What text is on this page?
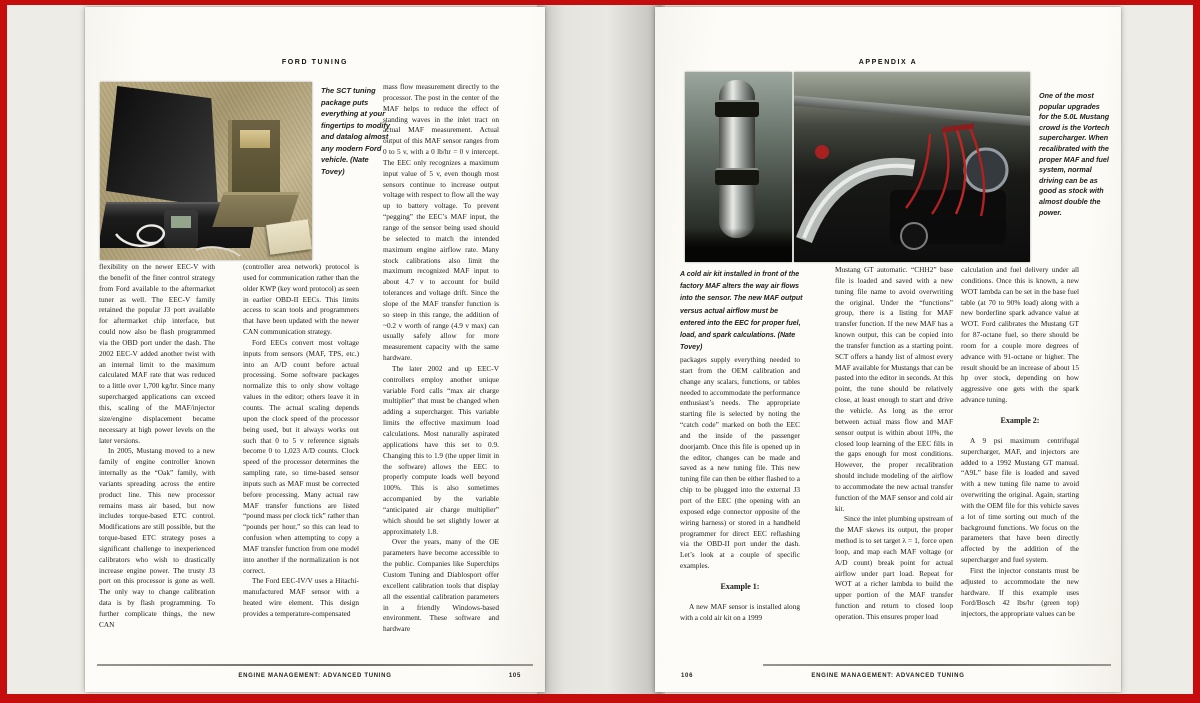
FORD TUNING
The SCT tuning package puts everything at your fingertips to modify and datalog almost any modern Ford vehicle. (Nate Tovey)

flexibility on the newer EEC-V with the benefit of the finer control strategy from Ford available to the aftermarket tuner as well. The EEC-V family retained the popular J3 port available for aftermarket chip interface, but could now also be flash programmed via the OBD port under the dash. The 2002 EEC-V added another twist with an internal limit to the maximum calculated MAF rate that was reduced to a little over 1,700 kg/hr. Since many supercharged applications can exceed this, scaling of the MAF/injector size/engine displacement became necessary at high power levels on the later versions.

In 2005, Mustang moved to a new family of engine controller known internally as the “Oak” family, with variants spreading across the entire product line. This new processor remains mass air based, but now includes torque-based ETC control. Modifications are still possible, but the torque-based ETC strategy poses a significant challenge to inexperienced calibrators who wish to drastically increase engine power. The trusty J3 port on this processor is gone as well. The only way to change calibration data is by flash programming. To further complicate things, the new CAN

(controller area network) protocol is used for communication rather than the older KWP (key word protocol) as seen in earlier OBD-II EECs. This limits access to scan tools and programmers that have been updated with the newer CAN communication strategy.

Ford EECs convert most voltage inputs from sensors (MAF, TPS, etc.) into an A/D count before actual processing. Some software packages normalize this to only show voltage values in the editor; others leave it in counts. The actual scaling depends upon the clock speed of the processor being used, but it always works out such that 0 to 5 v reference signals become 0 to 1,023 A/D counts. Clock speed of the processor determines the sampling rate, so time-based sensor inputs such as MAF must be corrected before processing. Many actual raw MAF transfer functions are listed “pound mass per clock tick” rather than “pounds per hour,” so this can lead to confusion when attempting to copy a MAF transfer function from one model into another if the normalization is not correct.

The Ford EEC-IV/V uses a Hitachi-manufactured MAF sensor with a heated wire element. This design provides a temperature-compensated

mass flow measurement directly to the processor. The post in the center of the MAF helps to reduce the effect of standing waves in the inlet tract on actual MAF measurement. Actual output of this MAF sensor ranges from 0 to 5 v, with a 0 lb/hr = 0 v intercept. The EEC only recognizes a maximum input value of 5 v, even though most sensors continue to increase output voltage with respect to flow all the way up to battery voltage. To prevent “pegging” the EEC’s MAF input, the range of the sensor being used should be selected to match the intended maximum engine airflow rate. Many stock calibrations also limit the maximum recognized MAF input to about 4.7 v to account for build tolerances and voltage drift. Since the slope of the MAF transfer function is so steep in this range, the addition of ~0.2 v worth of range (4.9 v max) can usually safely allow for more measurement capacity with the same hardware.

The later 2002 and up EEC-V controllers employ another unique variable Ford calls “max air charge multiplier” that must be changed when adding a supercharger. This variable limits the effective maximum load calculations. Most naturally aspirated applications have this set to 0.9. Changing this to 1.9 (the upper limit in the software) allows the EEC to properly compute loads well beyond 100%. This is also sometimes accompanied by the variable “anticipated air charge multiplier” which should be set slightly lower at approximately 1.8.

Over the years, many of the OE parameters have become accessible to the public. Companies like Superchips Custom Tuning and Diablosport offer excellent calibration tools that display all the essential calibration parameters in a friendly Windows-based environment. These software and hardware

ENGINE MANAGEMENT: ADVANCED TUNING	105
APPENDIX A
One of the most popular upgrades for the 5.0L Mustang crowd is the Vortech supercharger. When recalibrated with the proper MAF and fuel system, normal driving can be as good as stock with almost double the power.
A cold air kit installed in front of the factory MAF alters the way air flows into the sensor. The new MAF output versus actual airflow must be entered into the EEC for proper fuel, load, and spark calculations. (Nate Tovey)

packages supply everything needed to start from the OEM calibration and change any scalars, functions, or tables needed to accommodate the performance enthusiast’s needs. The appropriate starting file is selected by noting the “catch code” marked on both the EEC and the inside of the passenger doorjamb. Once this file is opened up in the editor, changes can be made and saved as a new tuning file. This new tuning file can then be either flashed to a chip to be plugged into the external J3 port of the EEC (the opening with an exposed edge connector opposite of the wiring harness) or stored in a handheld programmer for direct EEC reflashing via the OBD-II port under the dash. Let’s look at a couple of specific examples.

Example 1:

A new MAF sensor is installed along with a cold air kit on a 1999

Mustang GT automatic. “CHH2” base file is loaded and saved with a new tuning file name to avoid overwriting the original. Under the “functions” group, there is a listing for MAF transfer function. If the new MAF has a known output, this can be copied into the transfer function as a starting point. SCT offers a handy list of almost every MAF available for Mustangs that can be pasted into the editor in seconds. At this point, the tune should be relatively close, at least enough to start and drive the vehicle. As long as the error between actual mass flow and MAF sensor output is within about 10%, the closed loop learning of the EEC fills in the gaps enough for most conditions. However, the proper recalibration should include modeling of the airflow to accommodate the new actual transfer function of the MAF sensor and cold air kit.

Since the inlet plumbing upstream of the MAF skews its output, the proper method is to set target λ = 1, force open loop, and map each MAF voltage (or A/D count) break point for actual airflow under part load. Repeat for WOT at a richer lambda to build the upper portion of the MAF transfer function and return to closed loop operation. This ensures proper load

calculation and fuel delivery under all conditions. Once this is known, a new WOT lambda can be set in the base fuel table (at 70 to 90% load) along with a new borderline spark advance value at WOT. Ford calibrates the Mustang GT for 87-octane fuel, so there should be room for a couple more degrees of advance with 91-octane or higher. The result should be an increase of about 15 hp over stock, depending on how aggressive one gets with the spark advance tuning.

Example 2:

A 9 psi maximum centrifugal supercharger, MAF, and injectors are added to a 1992 Mustang GT manual. “A9L” base file is loaded and saved with a new tuning file name to avoid overwriting the original. Again, starting with the OEM file for this vehicle saves a lot of time sorting out much of the background functions. We focus on the parameters that have been directly affected by the addition of the supercharger and fuel system.

First the injector constants must be adjusted to accommodate the new hardware. If this example uses Ford/Bosch 42 lbs/hr (green top) injectors, the appropriate values can be

106	ENGINE MANAGEMENT: ADVANCED TUNING
